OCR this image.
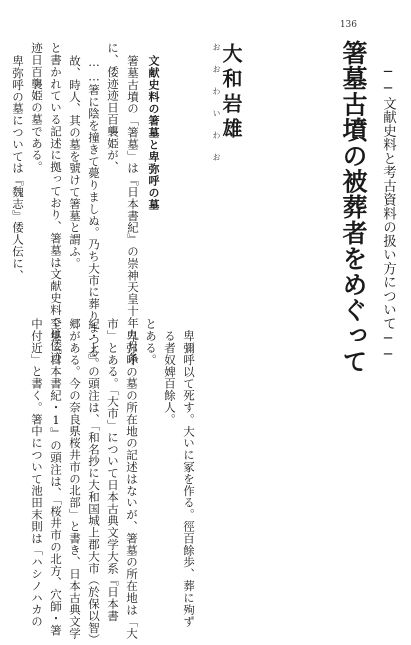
136
箸墓古墳の被葬者をめぐって ──文献史料と考古資料の扱い方について──
おおわいわお
大和岩雄
文献史料の箸墓と卑弥呼の墓
箸墓古墳の「箸墓」は『日本書紀』の崇神天皇十年九月条
に、倭迹迹日百襲姫が、
……箸に陰を撞きて薨りましぬ。乃ち大市に葬りまつる。
故、時人、其の墓を號けて箸墓と謂ふ。
と書かれている記述に拠っており、箸墓は文献史料では倭迹
迹日百襲姫の墓である。
卑弥呼の墓については『魏志』倭人伝に、
卑彌呼以て死す。大いに冢を作る。徑百餘歩、葬に殉ず
る者奴婢百餘人。
とある。
卑弥呼の墓の所在地の記述はないが、箸墓の所在地は「大
市」とある。「大市」について日本古典文学大系『日本書
紀・上』の頭注は、「和名抄に大和国城上郡大市（於保以智）
郷がある。今の奈良県桜井市の北部」と書き、日本古典文学
全集『日本書紀・1』の頭注は、「桜井市の北方、穴師・箸
中付近」と書く。箸中について池田末則は「ハシノハカの
